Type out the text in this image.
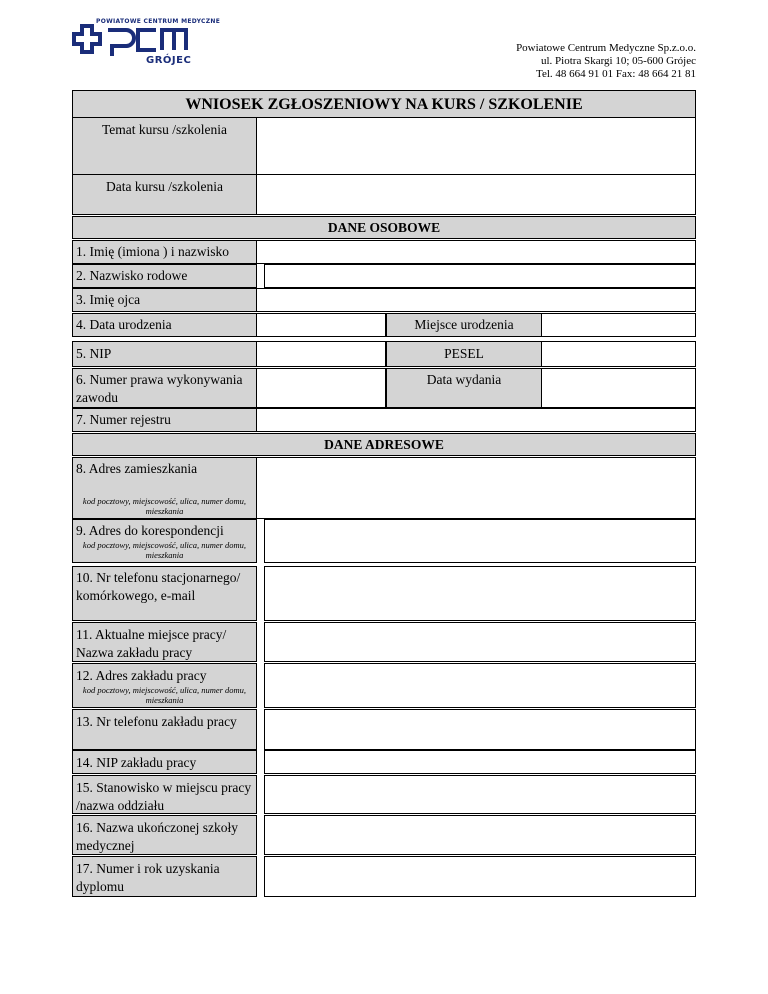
POWIATOWE CENTRUM MEDYCZNE
GRÓJEC
Powiatowe Centrum Medyczne Sp.z.o.o.
ul. Piotra Skargi 10; 05-600 Grójec
Tel. 48 664 91 01 Fax: 48 664 21 81
WNIOSEK ZGŁOSZENIOWY NA KURS / SZKOLENIE
Temat kursu /szkolenia
Data kursu /szkolenia
DANE OSOBOWE
1. Imię (imiona ) i nazwisko
2. Nazwisko rodowe
3. Imię ojca
4. Data urodzenia	Miejsce urodzenia
5. NIP	PESEL
6. Numer prawa wykonywania zawodu
Data wydania
7. Numer rejestru
DANE ADRESOWE
8. Adres zamieszkania
kod pocztowy, miejscowość, ulica, numer domu, mieszkania
9. Adres do korespondencji
kod pocztowy, miejscowość, ulica, numer domu, mieszkania
10. Nr telefonu stacjonarnego/ komórkowego, e-mail
11. Aktualne miejsce pracy/ Nazwa zakładu pracy
12. Adres zakładu pracy
kod pocztowy, miejscowość, ulica, numer domu, mieszkania
13. Nr telefonu zakładu pracy
14. NIP zakładu pracy
15. Stanowisko w miejscu pracy /nazwa oddziału
16. Nazwa ukończonej szkoły medycznej
17. Numer i rok uzyskania dyplomu
